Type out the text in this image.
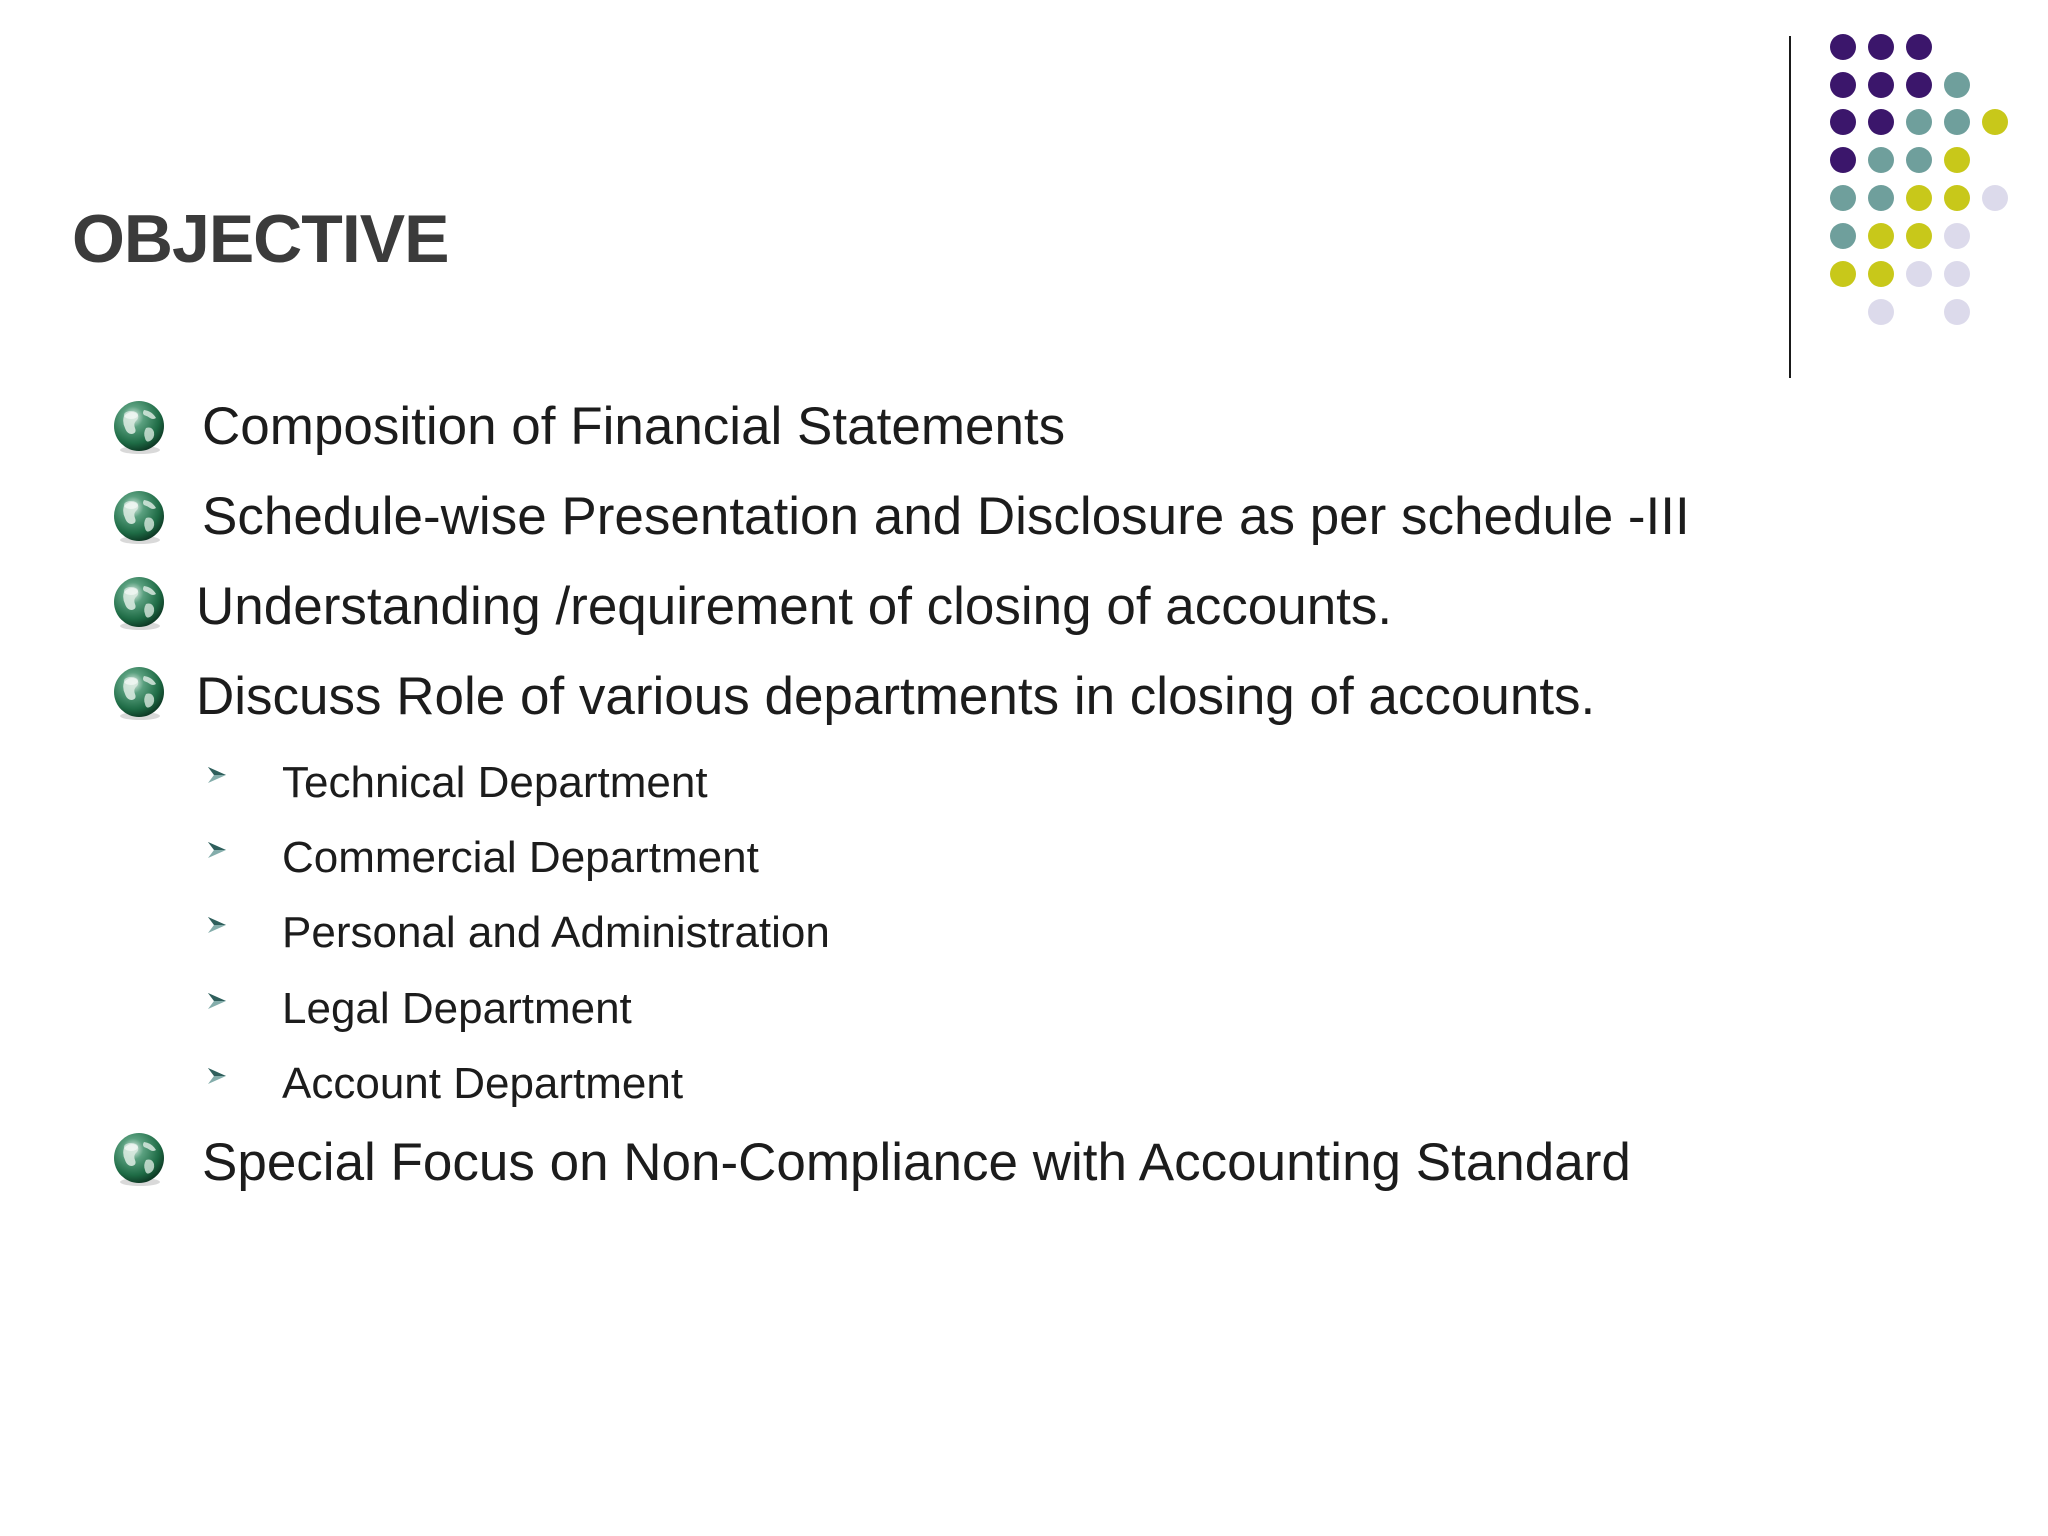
OBJECTIVE
Composition of Financial Statements
Schedule-wise Presentation and Disclosure as per schedule -III
Understanding /requirement of closing of accounts.
Discuss Role of various departments in closing of accounts.
Technical Department
Commercial Department
Personal and Administration
Legal Department
Account Department
Special Focus on Non-Compliance with Accounting Standard
